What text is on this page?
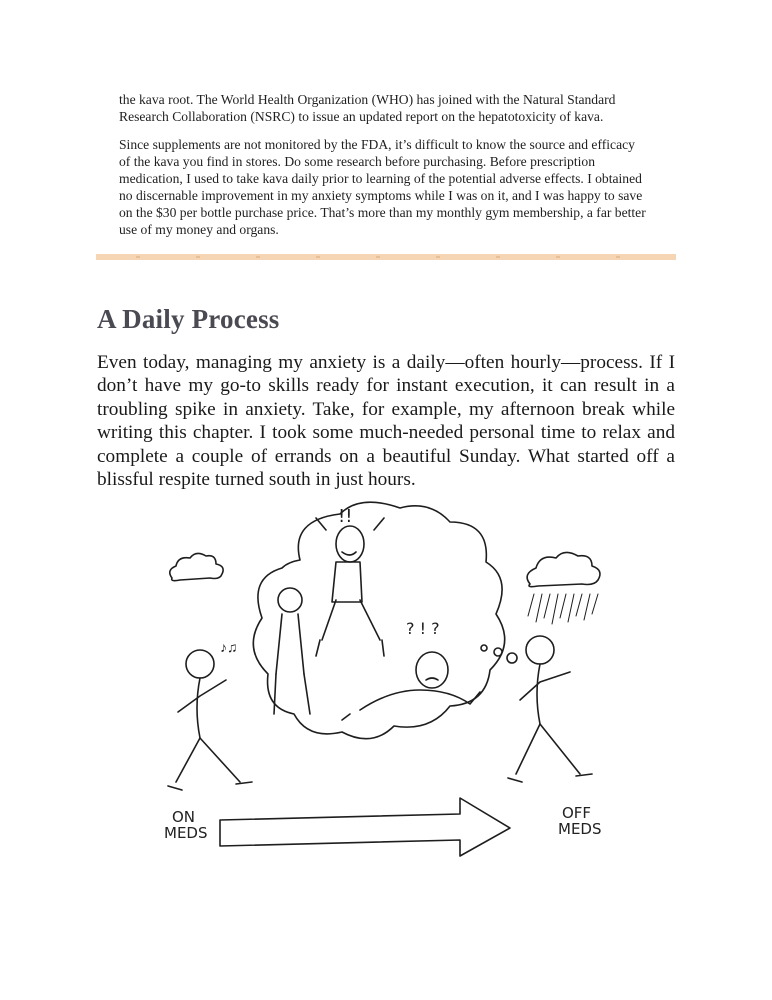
the kava root. The World Health Organization (WHO) has joined with the Natural Standard Research Collaboration (NSRC) to issue an updated report on the hepatotoxicity of kava.

Since supplements are not monitored by the FDA, it’s difficult to know the source and efficacy of the kava you find in stores. Do some research before purchasing. Before prescription medication, I used to take kava daily prior to learning of the potential adverse effects. I obtained no discernable improvement in my anxiety symptoms while I was on it, and I was happy to save on the $30 per bottle purchase price. That’s more than my monthly gym membership, a far better use of my money and organs.

A Daily Process

Even today, managing my anxiety is a daily—often hourly—process. If I don’t have my go-to skills ready for instant execution, it can result in a troubling spike in anxiety. Take, for example, my afternoon break while writing this chapter. I took some much-needed personal time to relax and complete a couple of errands on a beautiful Sunday. What started off a blissful respite turned south in just hours.

♪♫
ON
MEDS
OFF
MEDS
!!
? ! ?
